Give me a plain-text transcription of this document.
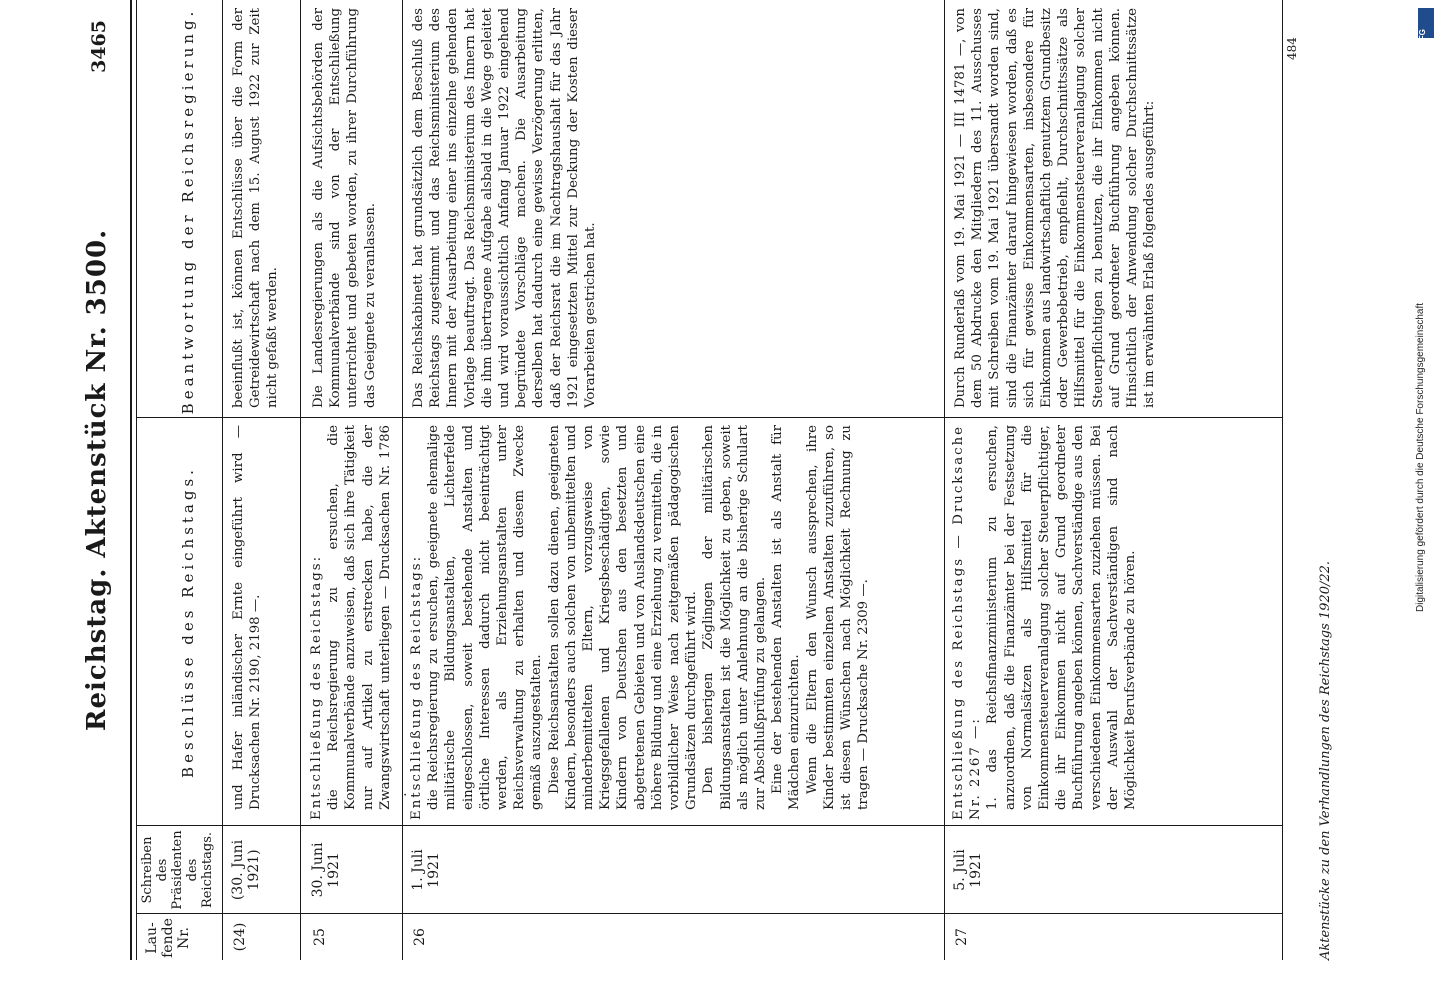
Reichstag. Aktenstück Nr. 3500.
3465
Lau-
fende
Nr.
Schreiben
des
Präsidenten
des
Reichstags.
Beschlüsse des Reichstags.
Beantwortung der Reichsregierung.
(24)
(30. Juni
1921)
und Hafer inländischer Ernte eingeführt wird — Drucksachen Nr. 2190, 2198 —.
beeinflußt ist, können Entschlüsse über die Form der Getreidewirtschaft nach dem 15. August 1922 zur Zeit nicht gefaßt werden.
25
30. Juni
1921

Entschließung des Reichstags: die Reichsregierung zu ersuchen, die Kommunalverbände anzuweisen, daß sich ihre Tätigkeit nur auf Artikel zu erstrecken habe, die der Zwangswirtschaft unterliegen — Drucksachen Nr. 1786 —.

Die Landesregierungen als die Aufsichtsbehörden der Kommunalverbände sind von der Entschließung unterrichtet und gebeten worden, zu ihrer Durchführung das Geeignete zu veranlassen.
26
1. Juli
1921

Entschließung des Reichstags: die Reichsregierung zu ersuchen, geeignete ehemalige militärische Bildungsanstalten, Lichterfelde eingeschlossen, soweit bestehende Anstalten und örtliche Interessen dadurch nicht beeinträchtigt werden, als Erziehungsanstalten unter Reichsverwaltung zu erhalten und diesem Zwecke gemäß auszugestalten. Diese Reichsanstalten sollen dazu dienen, geeigneten Kindern, besonders auch solchen von unbemittelten und minderbemittelten Eltern, vorzugsweise von Kriegsgefallenen und Kriegsbeschädigten, sowie Kindern von Deutschen aus den besetzten und abgetretenen Gebieten und von Auslandsdeutschen eine höhere Bildung und eine Erziehung zu vermitteln, die in vorbildlicher Weise nach zeitgemäßen pädagogischen Grundsätzen durchgeführt wird. Den bisherigen Zöglingen der militärischen Bildungsanstalten ist die Möglichkeit zu geben, soweit als möglich unter Anlehnung an die bisherige Schulart zur Abschlußprüfung zu gelangen. Eine der bestehenden Anstalten ist als Anstalt für Mädchen einzurichten. Wenn die Eltern den Wunsch aussprechen, ihre Kinder bestimmten einzelnen Anstalten zuzuführen, so ist diesen Wünschen nach Möglichkeit Rechnung zu tragen — Drucksache Nr. 2309 —.

Das Reichskabinett hat grundsätzlich dem Beschluß des Reichstags zugestimmt und das Reichsministerium des Innern mit der Ausarbeitung einer ins einzelne gehenden Vorlage beauftragt. Das Reichsministerium des Innern hat die ihm übertragene Aufgabe alsbald in die Wege geleitet und wird voraussichtlich Anfang Januar 1922 eingehend begründete Vorschläge machen. Die Ausarbeitung derselben hat dadurch eine gewisse Verzögerung erlitten, daß der Reichsrat die im Nachtragshaushalt für das Jahr 1921 eingesetzten Mittel zur Deckung der Kosten dieser Vorarbeiten gestrichen hat.
27
5. Juli
1921

Entschließung des Reichstags — Drucksache Nr. 2267 —: 1. das Reichsfinanzministerium zu ersuchen, anzuordnen, daß die Finanzämter bei der Festsetzung von Normalsätzen als Hilfsmittel für die Einkommensteuerveranlagung solcher Steuerpflichtiger, die ihr Einkommen nicht auf Grund geordneter Buchführung angeben können, Sachverständige aus den verschiedenen Einkommensarten zuziehen müssen. Bei der Auswahl der Sachverständigen sind nach Möglichkeit Berufsverbände zu hören.

Durch Runderlaß vom 19. Mai 1921 — III 14781 —, von dem 50 Abdrucke den Mitgliedern des 11. Ausschusses mit Schreiben vom 19. Mai 1921 übersandt worden sind, sind die Finanzämter darauf hingewiesen worden, daß es sich für gewisse Einkommensarten, insbesondere für Einkommen aus landwirtschaftlich genutztem Grundbesitz oder Gewerbebetrieb, empfiehlt, Durchschnittssätze als Hilfsmittel für die Einkommensteuerveranlagung solcher Steuerpflichtigen zu benutzen, die ihr Einkommen nicht auf Grund geordneter Buchführung angeben können. Hinsichtlich der Anwendung solcher Durchschnittssätze ist im erwähnten Erlaß folgendes ausgeführt:
484
Aktenstücke zu den Verhandlungen des Reichstags 1920/22.
DFG
Digitalisierung gefördert durch die Deutsche Forschungsgemeinschaft
